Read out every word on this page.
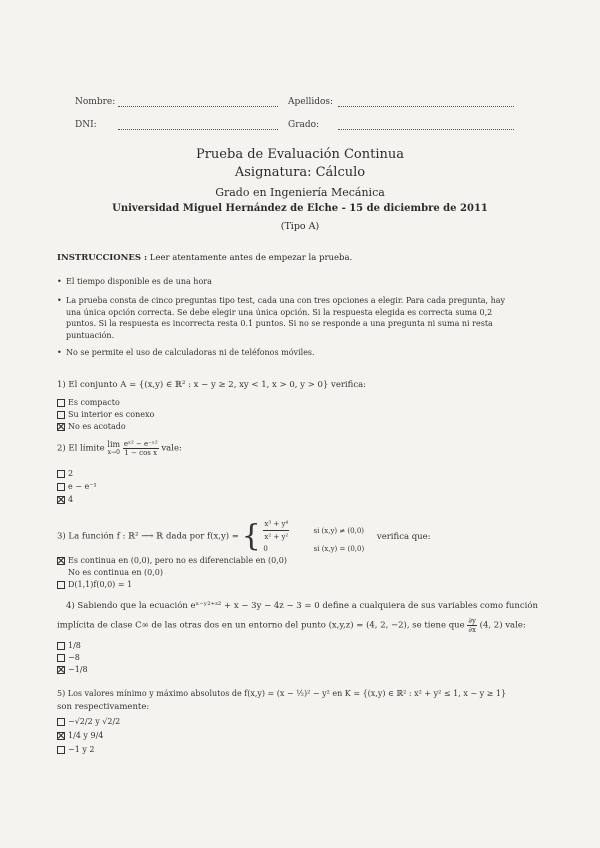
Nombre:	Apellidos:
DNI:	Grado:
Prueba de Evaluación Continua
Asignatura: Cálculo
Grado en Ingeniería Mecánica
Universidad Miguel Hernández de Elche - 15 de diciembre de 2011
(Tipo A)
INSTRUCCIONES : Leer atentamente antes de empezar la prueba.
• El tiempo disponible es de una hora
• La prueba consta de cinco preguntas tipo test, cada una con tres opciones a elegir. Para cada pregunta, hay una única opción correcta. Se debe elegir una única opción. Si la respuesta elegida es correcta suma 0,2 puntos. Si la respuesta es incorrecta resta 0.1 puntos. Si no se responde a una pregunta ni suma ni resta puntuación.
• No se permite el uso de calculadoras ni de teléfonos móviles.
1) El conjunto A = {(x,y) ∈ ℝ² : x − y ≥ 2, xy < 1, x > 0, y > 0} verifica:
Es compacto
Su interior es conexo
No es acotado
2) El límite lim
x→0
$\frac{\text{eˣ² − e⁻ˣ²}}{\text{1 − cos x}}$ vale:
2
e − e⁻¹
4
3) La función f : ℝ² ⟶ ℝ dada por f(x,y) = { $\frac{\text{x³ + y⁴}}{\text{x² + y²}}$	si (x,y) ≠ (0,0)
0	si (x,y) = (0,0)
verifica que:
Es continua en (0,0), pero no es diferenciable en (0,0)
No es continua en (0,0)
D(1,1)f(0,0) = 1
4) Sabiendo que la ecuación eˣ⁻ʸ²⁺ᶻ² + x − 3y − 4z − 3 = 0 define a cualquiera de sus variables como función
implícita de clase C∞ de las otras dos en un entorno del punto (x,y,z) = (4, 2, −2), se tiene que $\frac{\partial y}{\partial x} (4$, 2) vale:
1/8
−8
−1/8
5) Los valores mínimo y máximo absolutos de f(x,y) = (x − ½)² − y² en K = {(x,y) ∈ ℝ² : x² + y² ≤ 1, x − y ≥ 1}
son respectivamente:
−√2/2 y √2/2
1/4 y 9/4
−1 y 2
